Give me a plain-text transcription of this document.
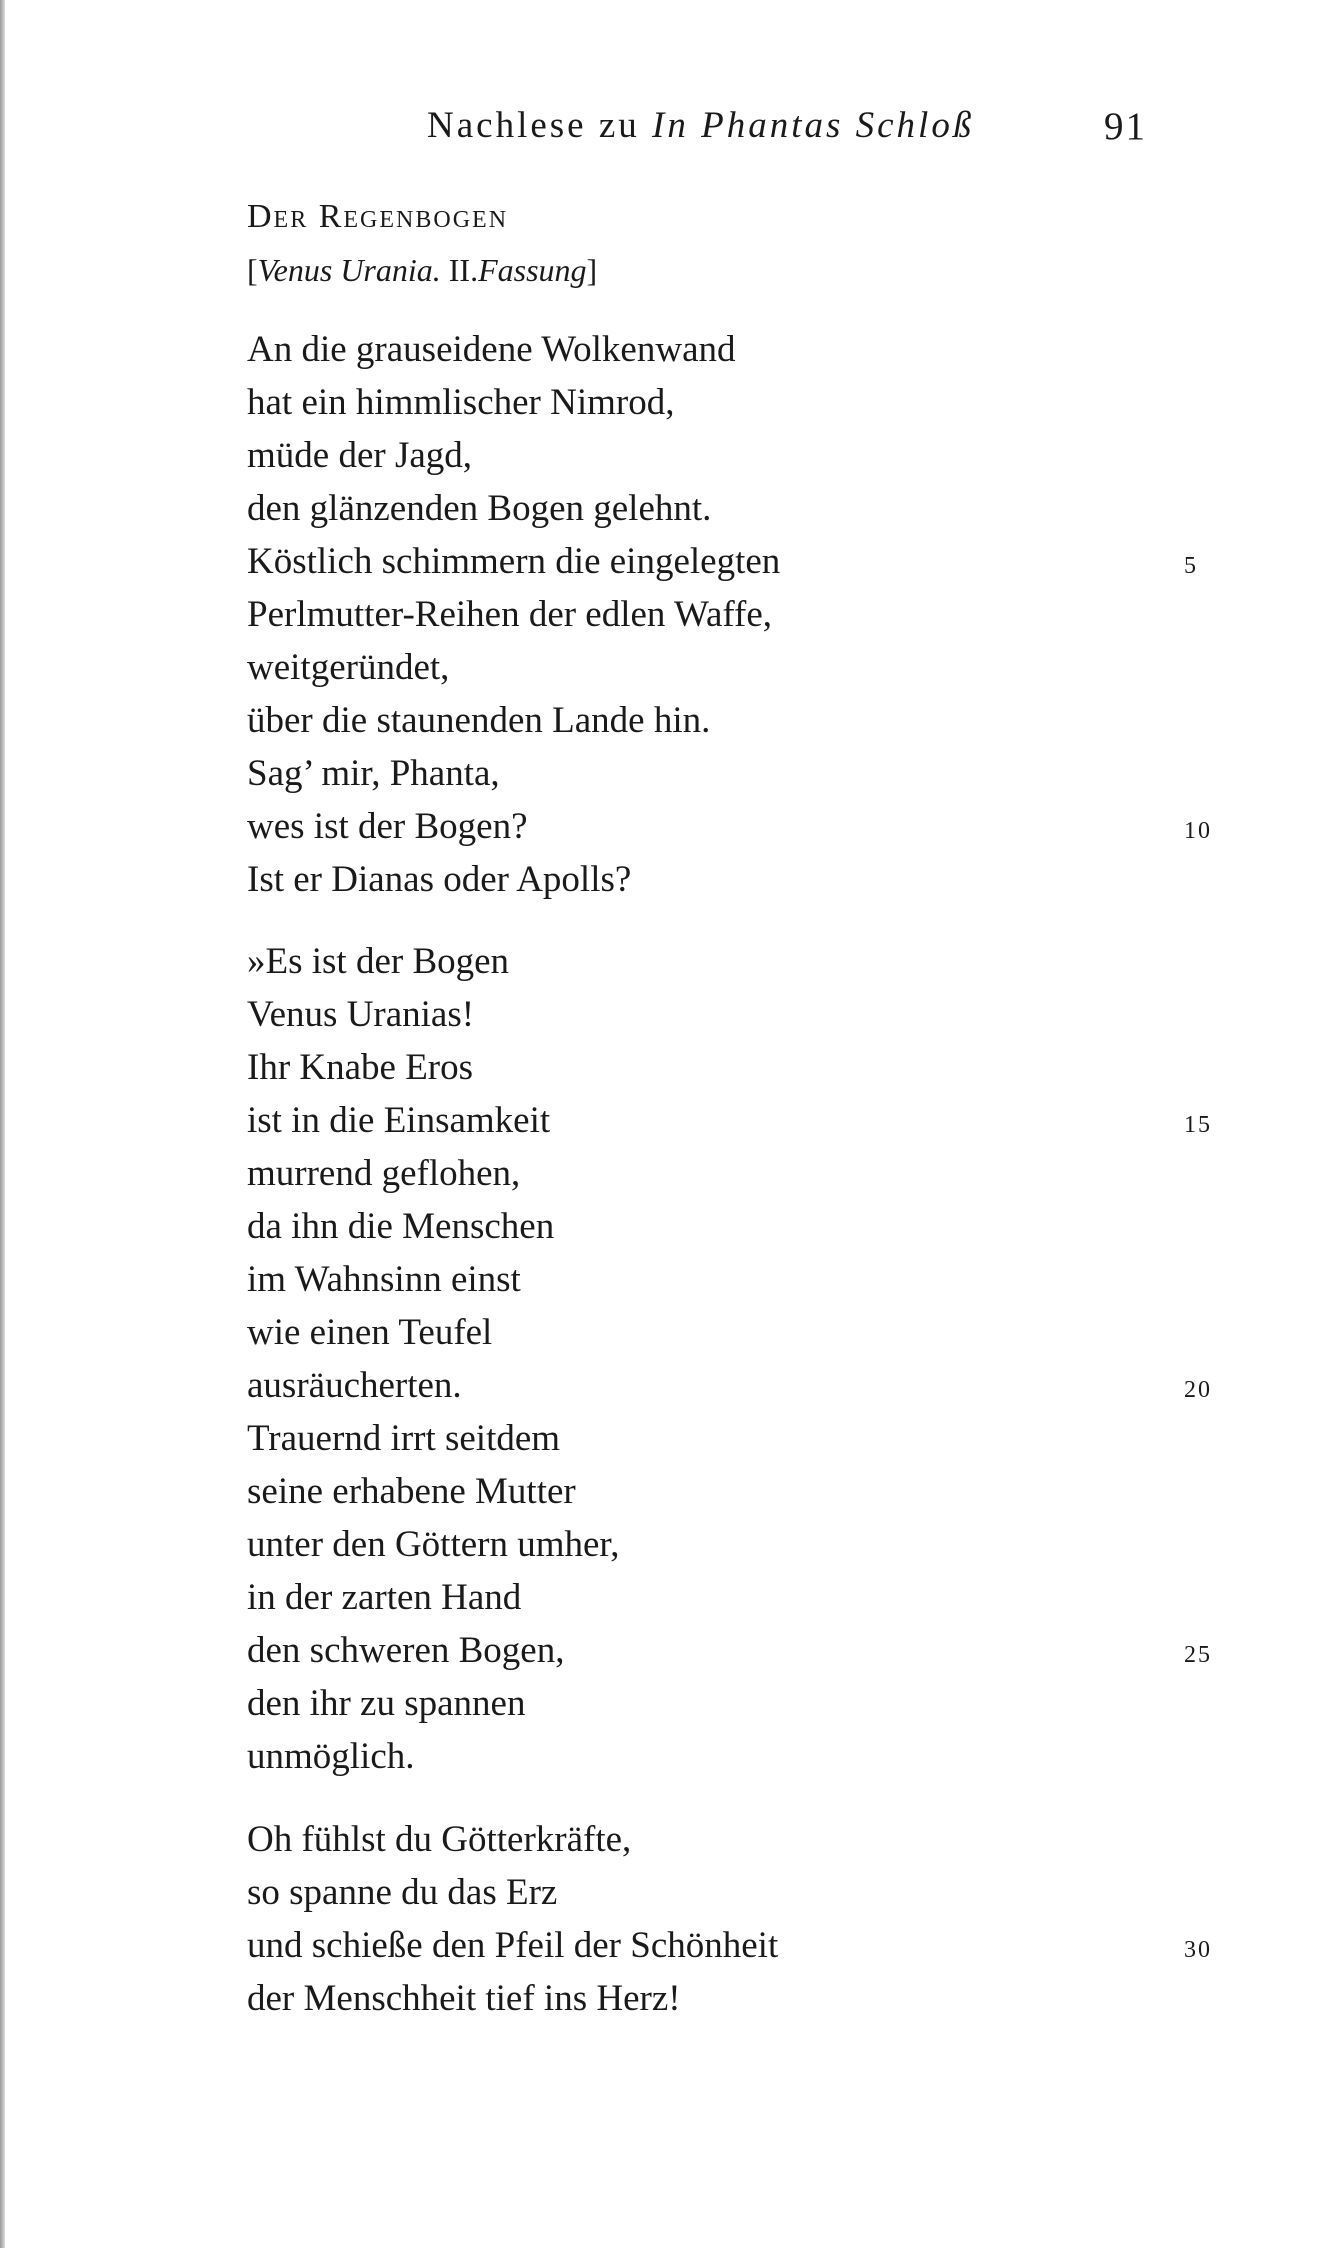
Nachlese zu In Phantas Schloß	91
Der Regenbogen
[Venus Urania. II.Fassung]
An die grauseidene Wolkenwand
hat ein himmlischer Nimrod,
müde der Jagd,
den glänzenden Bogen gelehnt.
Köstlich schimmern die eingelegten	5
Perlmutter-Reihen der edlen Waffe,
weitgeründet,
über die staunenden Lande hin.
Sag’ mir, Phanta,
wes ist der Bogen?	10
Ist er Dianas oder Apolls?
»Es ist der Bogen
Venus Uranias!
Ihr Knabe Eros
ist in die Einsamkeit	15
murrend geflohen,
da ihn die Menschen
im Wahnsinn einst
wie einen Teufel
ausräucherten.	20
Trauernd irrt seitdem
seine erhabene Mutter
unter den Göttern umher,
in der zarten Hand
den schweren Bogen,	25
den ihr zu spannen
unmöglich.
Oh fühlst du Götterkräfte,
so spanne du das Erz
und schieße den Pfeil der Schönheit	30
der Menschheit tief ins Herz!
